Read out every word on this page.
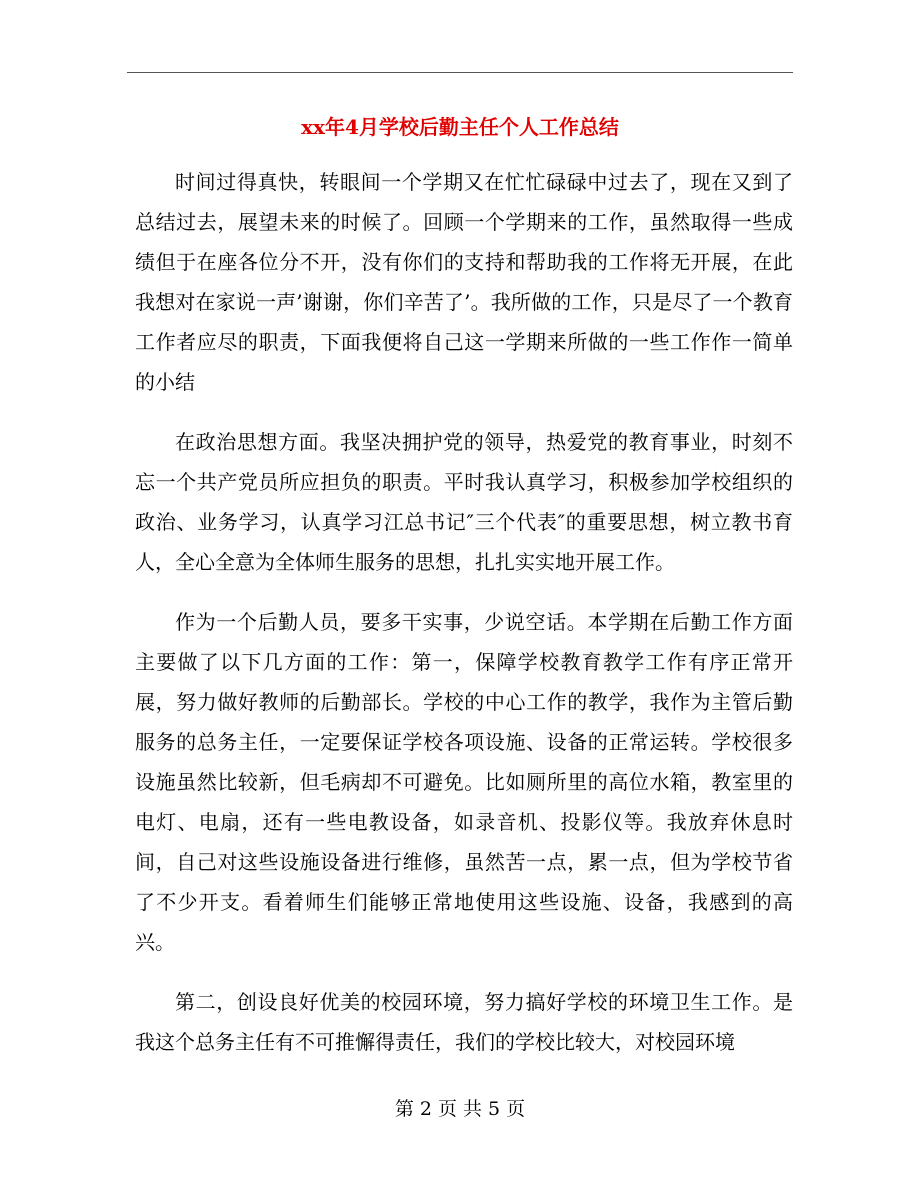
xx年4月学校后勤主任个人工作总结

时间过得真快，转眼间一个学期又在忙忙碌碌中过去了，现在又到了总结过去，展望未来的时候了。回顾一个学期来的工作，虽然取得一些成绩但于在座各位分不开，没有你们的支持和帮助我的工作将无开展，在此我想对在家说一声’谢谢，你们辛苦了’。我所做的工作，只是尽了一个教育工作者应尽的职责，下面我便将自己这一学期来所做的一些工作作一简单的小结

在政治思想方面。我坚决拥护党的领导，热爱党的教育事业，时刻不忘一个共产党员所应担负的职责。平时我认真学习，积极参加学校组织的政治、业务学习，认真学习江总书记″三个代表″的重要思想，树立教书育人，全心全意为全体师生服务的思想，扎扎实实地开展工作。

作为一个后勤人员，要多干实事，少说空话。本学期在后勤工作方面主要做了以下几方面的工作：第一，保障学校教育教学工作有序正常开展，努力做好教师的后勤部长。学校的中心工作的教学，我作为主管后勤服务的总务主任，一定要保证学校各项设施、设备的正常运转。学校很多设施虽然比较新，但毛病却不可避免。比如厕所里的高位水箱，教室里的电灯、电扇，还有一些电教设备，如录音机、投影仪等。我放弃休息时间，自己对这些设施设备进行维修，虽然苦一点，累一点，但为学校节省了不少开支。看着师生们能够正常地使用这些设施、设备，我感到的高兴。

第二，创设良好优美的校园环境，努力搞好学校的环境卫生工作。是我这个总务主任有不可推懈得责任，我们的学校比较大，对校园环境

第 2 页 共 5 页
